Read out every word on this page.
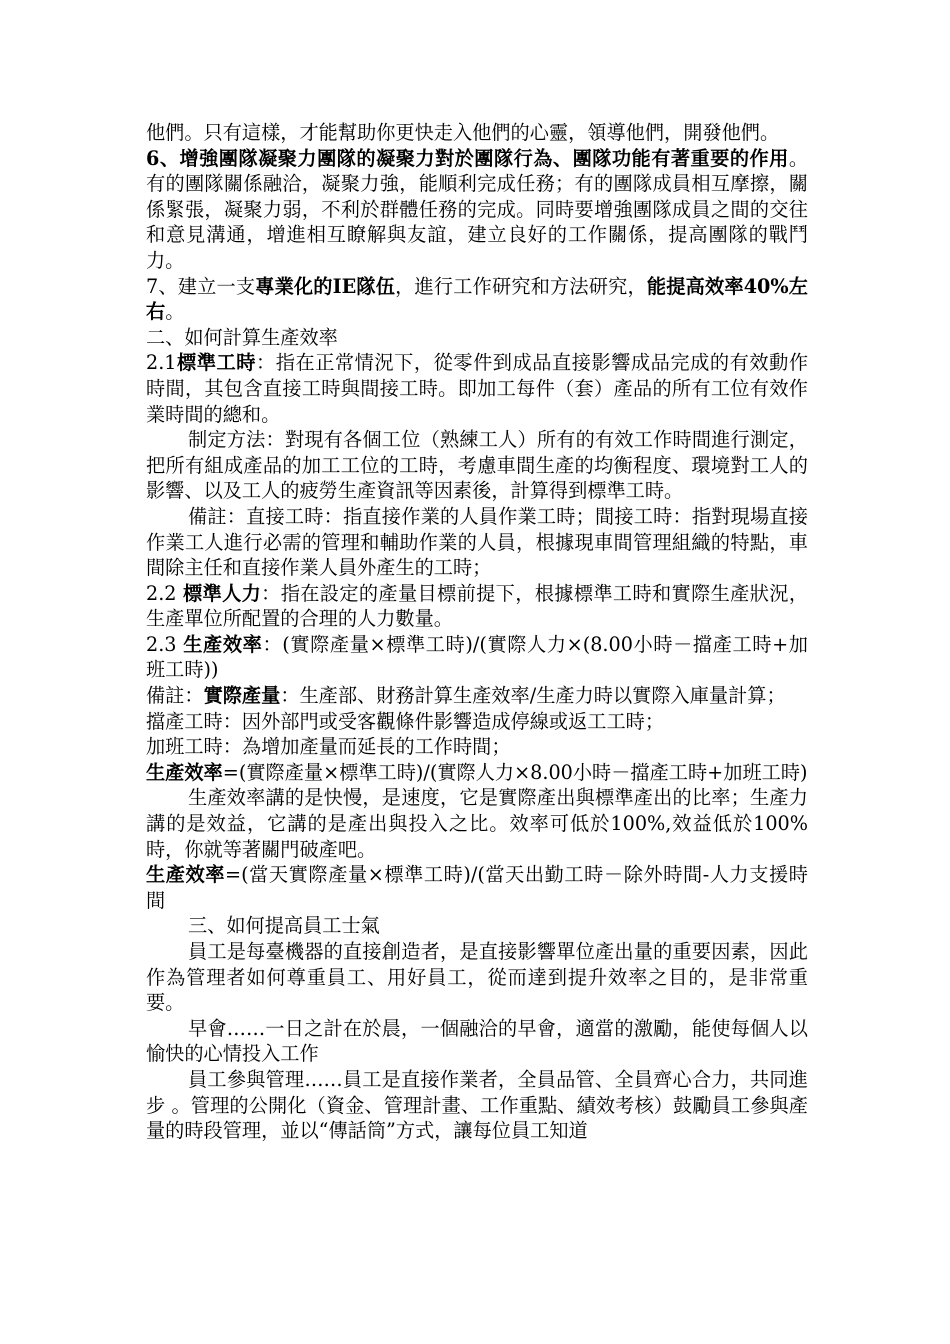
他們。只有這樣，才能幫助你更快走入他們的心靈，領導他們，開發他們。

6、增強團隊凝聚力團隊的凝聚力對於團隊行為、團隊功能有著重要的作用。有的團隊關係融洽，凝聚力強，能順利完成任務；有的團隊成員相互摩擦，關係緊張，凝聚力弱，不利於群體任務的完成。同時要增強團隊成員之間的交往和意見溝通，增進相互瞭解與友誼，建立良好的工作關係，提高團隊的戰鬥力。

7、建立一支專業化的IE隊伍，進行工作研究和方法研究，能提高效率40%左右。

二、如何計算生產效率

2.1標準工時：指在正常情況下，從零件到成品直接影響成品完成的有效動作時間，其包含直接工時與間接工時。即加工每件（套）產品的所有工位有效作業時間的總和。

制定方法：對現有各個工位（熟練工人）所有的有效工作時間進行測定，把所有組成產品的加工工位的工時，考慮車間生產的均衡程度、環境對工人的影響、以及工人的疲勞生產資訊等因素後，計算得到標準工時。

備註：直接工時：指直接作業的人員作業工時；間接工時：指對現場直接作業工人進行必需的管理和輔助作業的人員，根據現車間管理組織的特點，車間除主任和直接作業人員外產生的工時；

2.2 標準人力：指在設定的產量目標前提下，根據標準工時和實際生產狀況，生產單位所配置的合理的人力數量。

2.3 生產效率：(實際產量×標準工時)/(實際人力×(8.00小時－擋產工時+加班工時))

備註：實際產量：生產部、財務計算生產效率/生產力時以實際入庫量計算；

擋產工時：因外部門或受客觀條件影響造成停線或返工工時；

加班工時：為增加產量而延長的工作時間；

生產效率=(實際產量×標準工時)/(實際人力×8.00小時－擋產工時+加班工時)

生產效率講的是快慢，是速度，它是實際產出與標準產出的比率；生產力講的是效益，它講的是產出與投入之比。效率可低於100%,效益低於100%時，你就等著關門破產吧。

生產效率=(當天實際產量×標準工時)/(當天出勤工時－除外時間-人力支援時間

三、如何提高員工士氣

員工是每臺機器的直接創造者，是直接影響單位產出量的重要因素，因此作為管理者如何尊重員工、用好員工，從而達到提升效率之目的，是非常重要。

早會……一日之計在於晨，一個融洽的早會，適當的激勵，能使每個人以愉快的心情投入工作

員工參與管理……員工是直接作業者，全員品管、全員齊心合力，共同進步 。管理的公開化（資金、管理計畫、工作重點、績效考核）鼓勵員工參與產量的時段管理，並以“傳話筒”方式，讓每位員工知道
